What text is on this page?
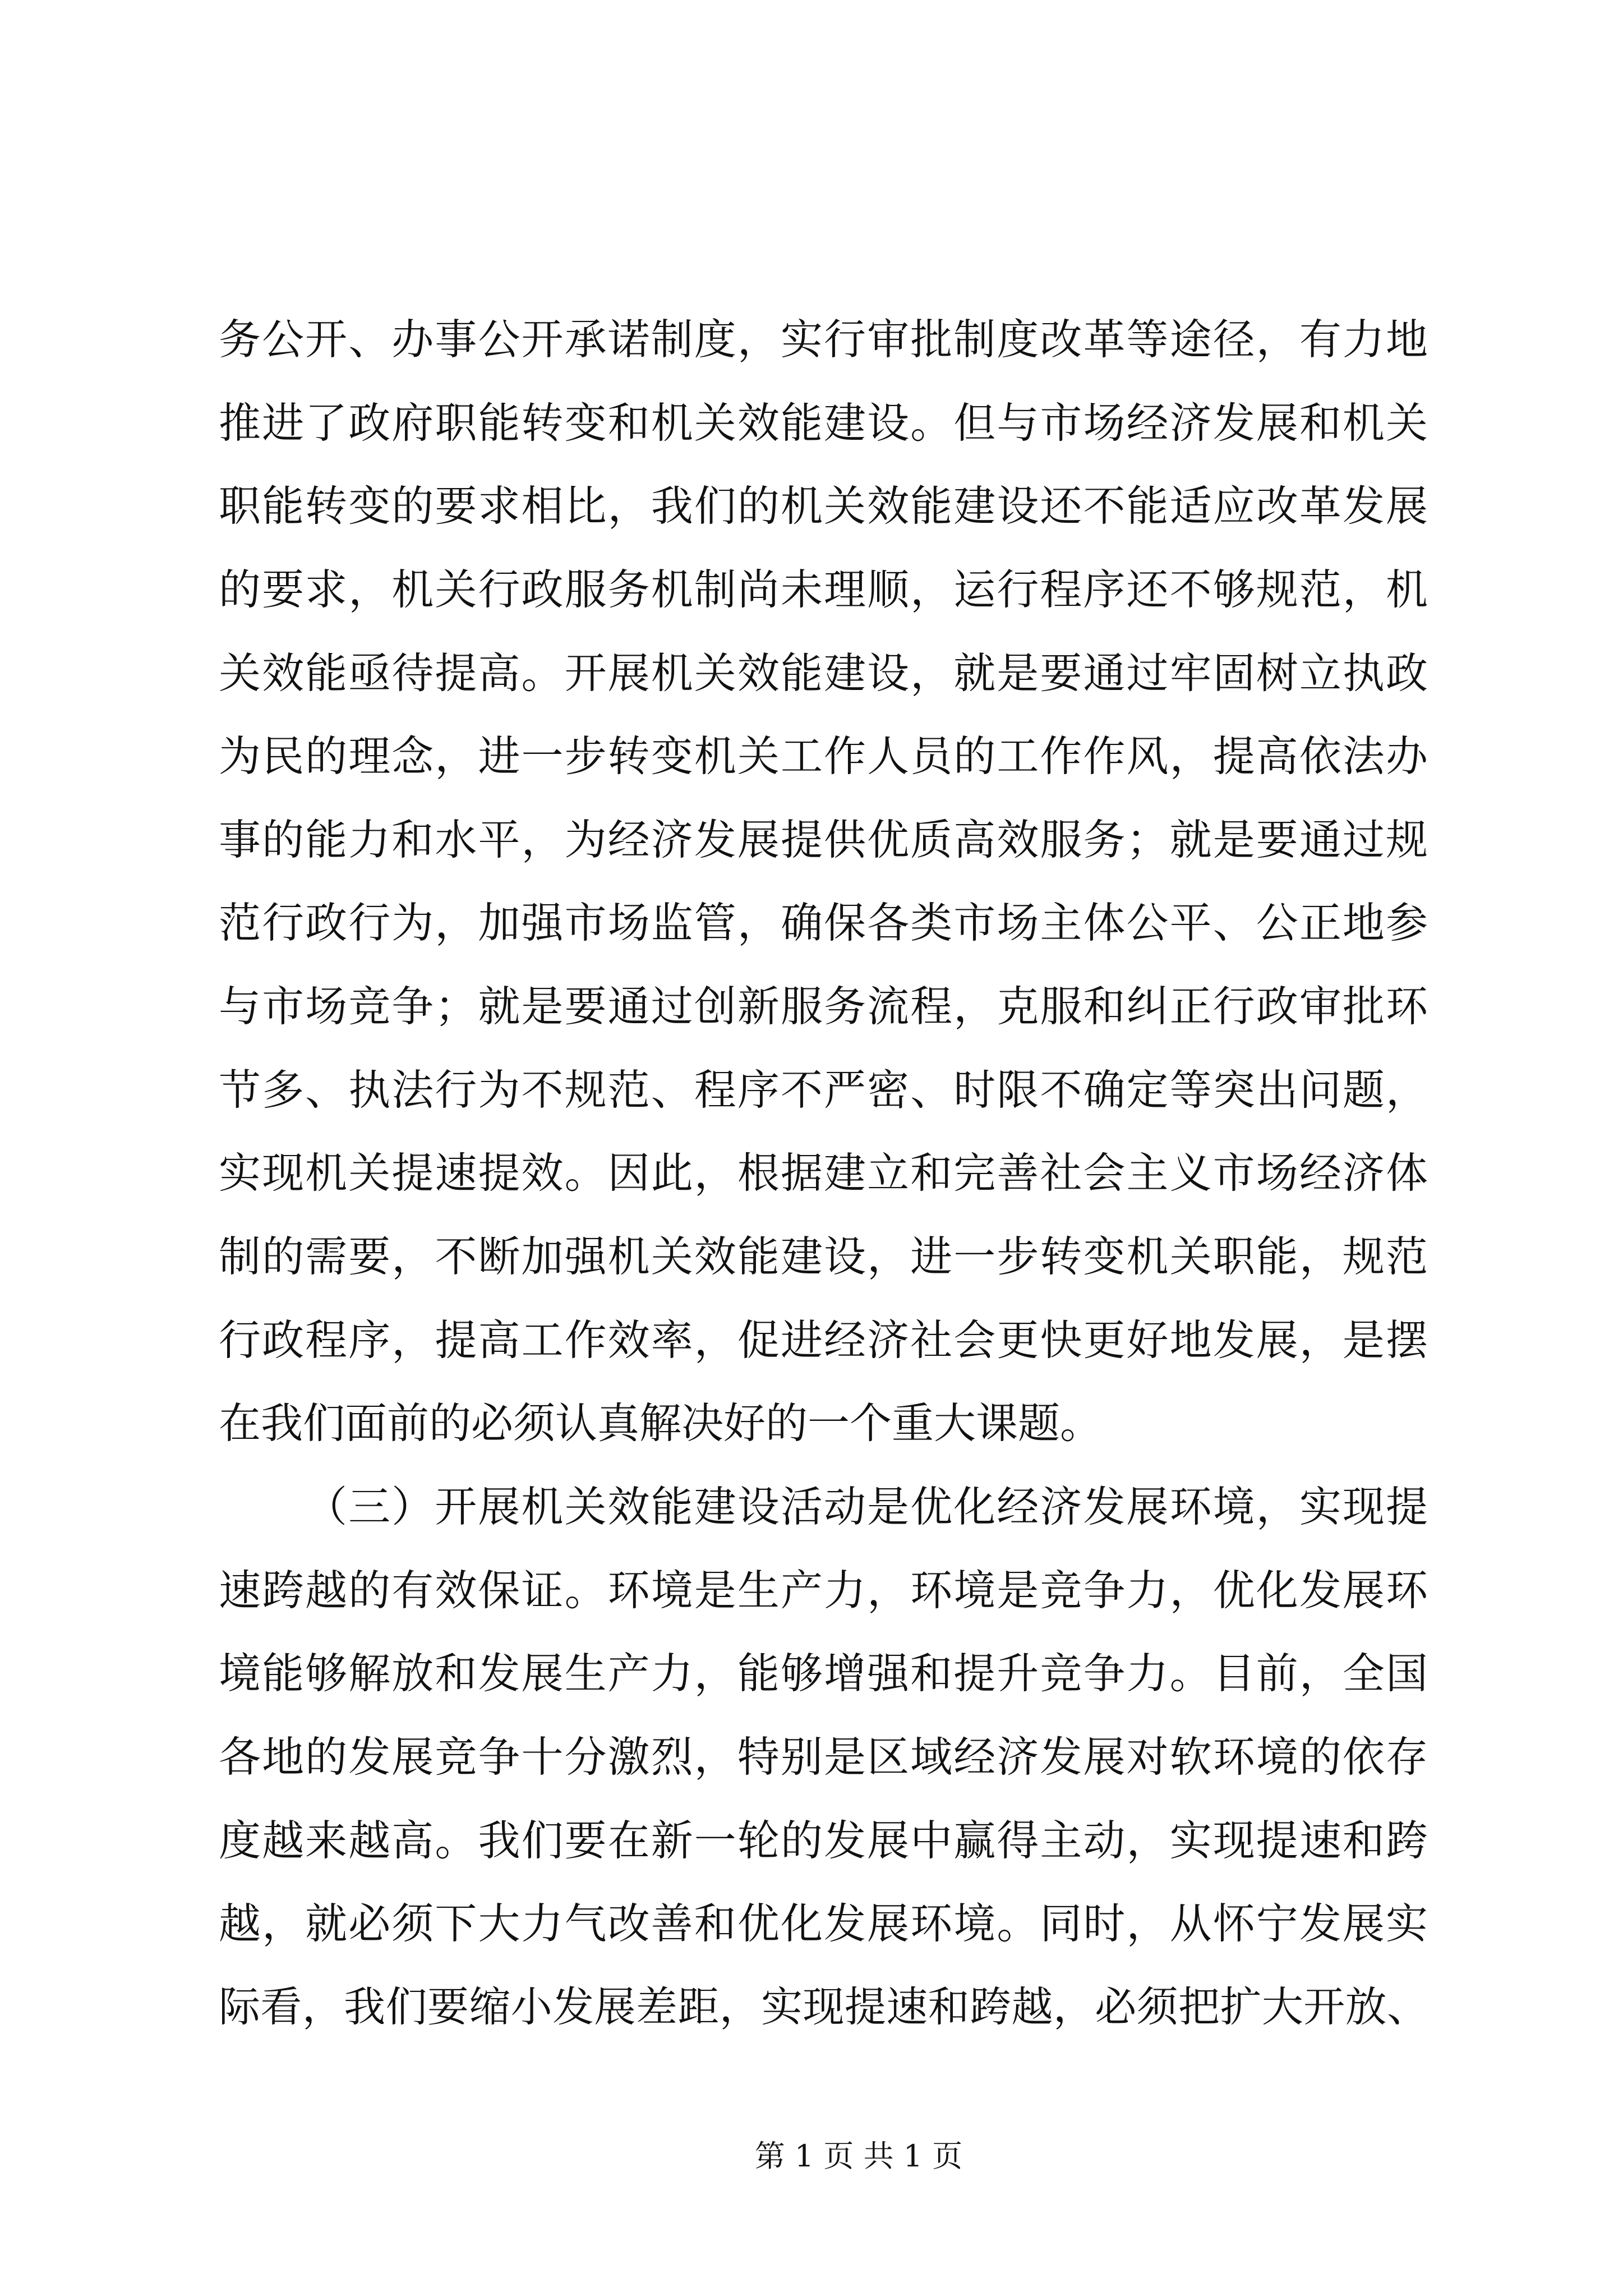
务公开、办事公开承诺制度，实行审批制度改革等途径，有力地
推进了政府职能转变和机关效能建设。但与市场经济发展和机关
职能转变的要求相比，我们的机关效能建设还不能适应改革发展
的要求，机关行政服务机制尚未理顺，运行程序还不够规范，机
关效能亟待提高。开展机关效能建设，就是要通过牢固树立执政
为民的理念，进一步转变机关工作人员的工作作风，提高依法办
事的能力和水平，为经济发展提供优质高效服务；就是要通过规
范行政行为，加强市场监管，确保各类市场主体公平、公正地参
与市场竞争；就是要通过创新服务流程，克服和纠正行政审批环
节多、执法行为不规范、程序不严密、时限不确定等突出问题，
实现机关提速提效。因此，根据建立和完善社会主义市场经济体
制的需要，不断加强机关效能建设，进一步转变机关职能，规范
行政程序，提高工作效率，促进经济社会更快更好地发展，是摆
在我们面前的必须认真解决好的一个重大课题。
（三）开展机关效能建设活动是优化经济发展环境，实现提
速跨越的有效保证。环境是生产力，环境是竞争力，优化发展环
境能够解放和发展生产力，能够增强和提升竞争力。目前，全国
各地的发展竞争十分激烈，特别是区域经济发展对软环境的依存
度越来越高。我们要在新一轮的发展中赢得主动，实现提速和跨
越，就必须下大力气改善和优化发展环境。同时，从怀宁发展实
际看，我们要缩小发展差距，实现提速和跨越，必须把扩大开放、
第 1 页 共 1 页
